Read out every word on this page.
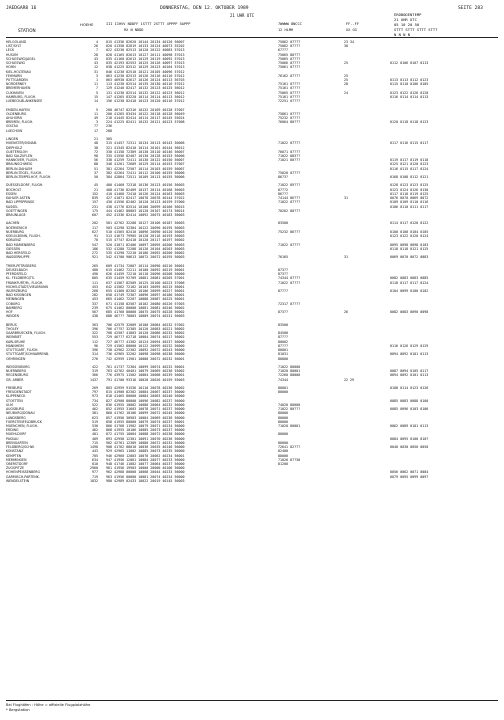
JAEDGAR8 16	DONNERSTAG, DEN 12. OKTOBER 1989	SEITE 283
21 UHR UTC	ERDBODENTEMP
21 UHR UTC
05 10 20 50
STTT STTT STTT STTT
N N N N
STATION
HOEHE	III IIHVV NDDFF 1STTT 2STTT 4PPPP 5APPP
RX N NDDD
7WWWW 8NCCC
12 HLMH
FF--FF
XX GG
HELGOLAND	4 015 41336 82620 10144 20134 40120 56007	75062 07???	23 34
LIST/SYLT	26 020 41358 82819 10133 20124 40073 55202	75062 07???	30
LECK	7 022 43230 82513 10120 20122 40083 57013	677??
HUSUM	28 028 41165 82613 10127 20111 40098 57013	75065 80???
SCHLESWIG/JAGEL	43 035 41160 82613 10129 20119 40092 57013	75065 07???
SCHLESWIG	43 035 42193 82553 10125 20126 40097 57013	75066 07???	25	0112 0106 0107 0113
HOHN	12 038 41225 82512 10129 20123 40104 57013	75061 07???
KIEL-HOLTENAU	31 046 41230 82510 10121 20105 40096 57012
FEHMARN	3 063 41230 82513 10126 20116 40116 57012	76162 07???	25
PUTTGARDEN	1 063 46930 82617 10126 20124 40113 56703	25	0113 0113 0112 0123
NORDERNEY	11 113 41230 82514 10135 20130 40116 57012	75161 07???	28	0115 0110 0106 0105
BREMERHAVEN	7 129 41240 82417 10132 20123 40125 56012	75161 07???
CUXHAVEN	5 131 41230 82514 10132 20122 40123 56012	75065 07???	24	0123 0122 0126 0120
HAMBURG, FLUGH.	15 147 41265 83220 10114 20114 40113 56012	75161 07???	0116 0114 0114 0113
LUEBECK-BLANKENSEE	14 156 41230 82410 10123 20120 40116 57012	72251 07???
EMDEN-HAFEN	5 200 46?47 82316 10132 20109 40128 57007
OLDENBURG	11 200 41265 83434 10122 20118 40128 56049	75861 07???
AHLHORN	49 218 41445 82414 10114 20117 40145 55024	75232 07???
BREMEN, FLUGH.	3 224 41225 82411 10132 20121 40123 57008	76064 80???	0120 0118 0118 0123
SOLTAU	77 236
LUECHOW	17 288
LINGEN	21 305
MUENSTER/OSNAB.	48 315 41457 72311 10134 20113 40143 56006	71022 07???	0117 0116 0115 0117
DIEPHOLZ	38 321 41345 82410 10114 20101 40144 56012
GUETERSLOH	72 330 41158 72309 10130 20110 40146 56007	76071 07???
BAD SALZUFLEN	98 335 41556 82407 10130 20128 40153 56006	71022 883??
HANNOVER, FLUGH.	56 338 41259 72411 10130 20122 40150 56007	71021 80???	0119 0117 0119 0118
BRAUNSCHWEIG	88 348 41261 72609 10129 20114 40153 57007	0125 0121 0120 0123
BERLIN-DAHLEM	51 381 42264 72507 10114 20103 40159 56007	0116 0115 0117 0124
BERLIN-TEGEL, FLUGH.	37 382 42264 72411 10112 20100 40155 56006	75020 07???
BERLIN-TEMPELHOF, FLUGH.	50 384 42864 72511 10109 20113 40155 56006	86?3?	0168 0108 0112 0121
DUESSELDORF, FLUGH.	45 400 41460 72318 10136 20123 40156 56003	71022 89???	0128 0123 0123 0125
BOCHOLT	21 408 41?36 82409 10137 20114 40168 56003	87??2	0123 0124 0126 0130
ESSEN	152 410 41460 72410 10126 20124 40163 56003	86???	0117 0118 0119 0125
KAHLER ASTEN	839 427 41071 82417 10078 20078 40144 57022	74144 86???	31	0076 0070 0069 0072
BAD LIPPSPRINGE	157 430 41556 82402 10120 20123 40159 57000	71022 07???	0109 0109 0110 0116
KASSEL	231 438 41?76 82514 10100 20099 40166 56015	0106 0110 0111 0117
GOETTINGEN	175 444 41462 80003 10120 20107 40174 56014	70262 80???
BRAUNLAGE	607 452 41336 82414 10092 20075 40183 56003
AACHEN	202 501 42?62 32208 10127 20106 40187 56003	83500	0114 0117 0120 0122
NOERVENICH	117 503 41290 32304 10122 20090 40195 56003
NUERBURG	627 510 41565 82410 10096 20090 40120 56003	75232 86???	0100 0100 0104 0105
KOELN-BONN, FLUGH.	91 513 41673 79905 10128 20116 40193 56003	0123 0122 0120 0124
KOBLENZ	70 515 47?47 82410 10120 20117 40197 56002
BAD MARIENBERG	547 520 41071 82406 10097 20095 40206 56003	71022 07???	0095 0098 0098 0103
GIESSEN	186 532 41280 72208 10126 20104 40203 56003	0118 0118 0121 0125
BAD HERSFELD	272 535 41290 72210 10106 20092 40200 56002
WASSERKUPPE	921 542 41?00 90613 10072 20072 40195 56003	76165	31	0069 0070 0072 0083
TRIER-PETRISBERG	265 609 41?34 72007 10114 20090 40216 56001
DEUSELBACH	480 615 41462 72211 10100 20092 40219 56001	873??
PFERDSFELD	496 626 41459 72210 10110 20096 40208 56000	873??
KL. FELDBERG/TS.	805 635 41459 92709 10081 20081 40205 57001	74344 07???	0082 0083 0083 0085
FRANKFURT/M., FLUGH.	111 637 41567 82509 10125 20100 40223 57006	71022 07???	0118 0117 0117 0124
MICHELSTADT/VIELBRUNN	453 642 41562 72102 10103 20095 40215 56001
WUERZBURG	268 655 41460 82302 10106 20099 40227 56001	87???	0104 0099 0100 0102
BAD KISSINGEN	282 658 41?49 72307 10096 20097 40186 56001
MEININGEN	453 665 41462 72207 10088 20087 40225 56001
COBURG	337 671 41158 82507 10102 20080 40226 57003	72317 07???
BAMBERG	239 675 41462 80000 10081 20081 40246 56002
HOF	567 685 41?60 80000 10075 20075 40228 56002	873??	26	0082 0083 0090 0098
WEIDEN	438 688 46??? 78003 10089 20074 40231 56003
BERUS	363 706 42579 32009 10100 20084 40232 57002	83500
THOLEY	396 706 4??57 32305 10120 20083 40221 56002
SAARBRUECKEN, FLUGH.	322 708 42507 41803 10120 20086 40232 56002	84500
WEINBIET	553 729 46??7 62718 10084 20074 40217 56002	87???
KARLSRUHE	112 727 46??7 41302 10124 20094 40237 56000	80002
MANNHEIM	96 729 41562 80000 10122 20099 40232 56000	87???	0116 0126 0129 0129
STUTTGART, FLUGH.	396 738 42962 22302 10092 20072 40243 56000	80001
STUTTGART/SCHNARRENB.	314 736 42965 32202 10098 20098 40238 56000	81031	0094 0092 0101 0113
OEHRINGEN	276 742 42959 11901 10080 20072 40232 56001	80000
WEISSENBURG	422 761 41?37 72304 10099 20074 40232 56001	71022 80000
NUERNBERG	319 763 42?62 40401 10079 20069 40236 55002	71020 80001	0087 0094 0105 0117
REGENSBURG	366 776 43975 11502 10084 20068 40239 56001	72260 80000	0094 0092 0101 0113
GR. ARBER	1437 791 41?00 93316 10028 20026 40159 55003	74344	22 29
FREIBURG	269 803 42959 91536 10110 20078 40236 56002	80001	0108 0114 0123 0126
FREUDENSTADT	797 815 41900 82302 10084 20067 40237 56000	80000
KLIPPENECK	973 818 41465 80000 10084 20063 40240 56000
STOETTEN	734 827 42900 80000 10096 20082 40237 56000	0085 0083 0088 0100
ULM	522 836 41955 10002 10080 20064 40232 56000	74020 80000
AUGSBURG	462 852 41955 31603 10078 20071 40237 56000	71022 80???	0085 0096 0103 0106
NEUBURG/DONAU	381 860 41?62 10106 10099 20072 40245 56000	80000
LANDSBERG	623 857 41956 30903 10084 20069 40236 56000	80000
FUERSTENFELDBRUCK	519 858 41955 80000 10079 20074 40237 56001	80000
MUENCHEN, FLUGH.	530 866 41?68 11902 10079 20071 40234 56000	71020 80001	0062 0089 0101 0113
ERDING	462 868 41955 10106 10085 20073 40237 56000
MUEHLDORF	401 872 41?55 10004 10088 20072 40238 56000	80000
PASSAU	409 893 42958 12301 10091 20070 40236 56000	0084 0095 0100 0107
BRENGARTEN	715 902 42?61 12309 10080 20072 40232 56000	80000
FELDBERG/SCHW.	1490 908 41?62 08010 10036 20035 40146 56000	72641 82???	0040 0030 0050 0050
KONSTANZ	443 929 42965 11002 10085 20073 40235 56000	82400
KEMPTEN	705 946 42960 12003 10076 20062 40234 56001	80000
MEMMINGEN	634 947 41956 12001 10084 20077 40233 56000	71020 8??30
OBERSTDORF	810 948 41?46 11002 10077 20064 40237 56000	81200
ZUGSPITZE	2960 961 41956 19903 10000 20000 40106 56000
HOHENPEISSENBERG	977 962 42968 00000 10068 20044 40233 56000	0056 0062 0071 0084
GARMISCH-PARTENK.	719 963 41956 00000 10081 20074 40234 56000	0079 0095 0099 0097
WENDELSTEIN	1832 980 42989 02433 10022 20019 40145 56003
Bei Flughäfen : Höhe = offizielle Flugplatzhöhe
* Bergstation
